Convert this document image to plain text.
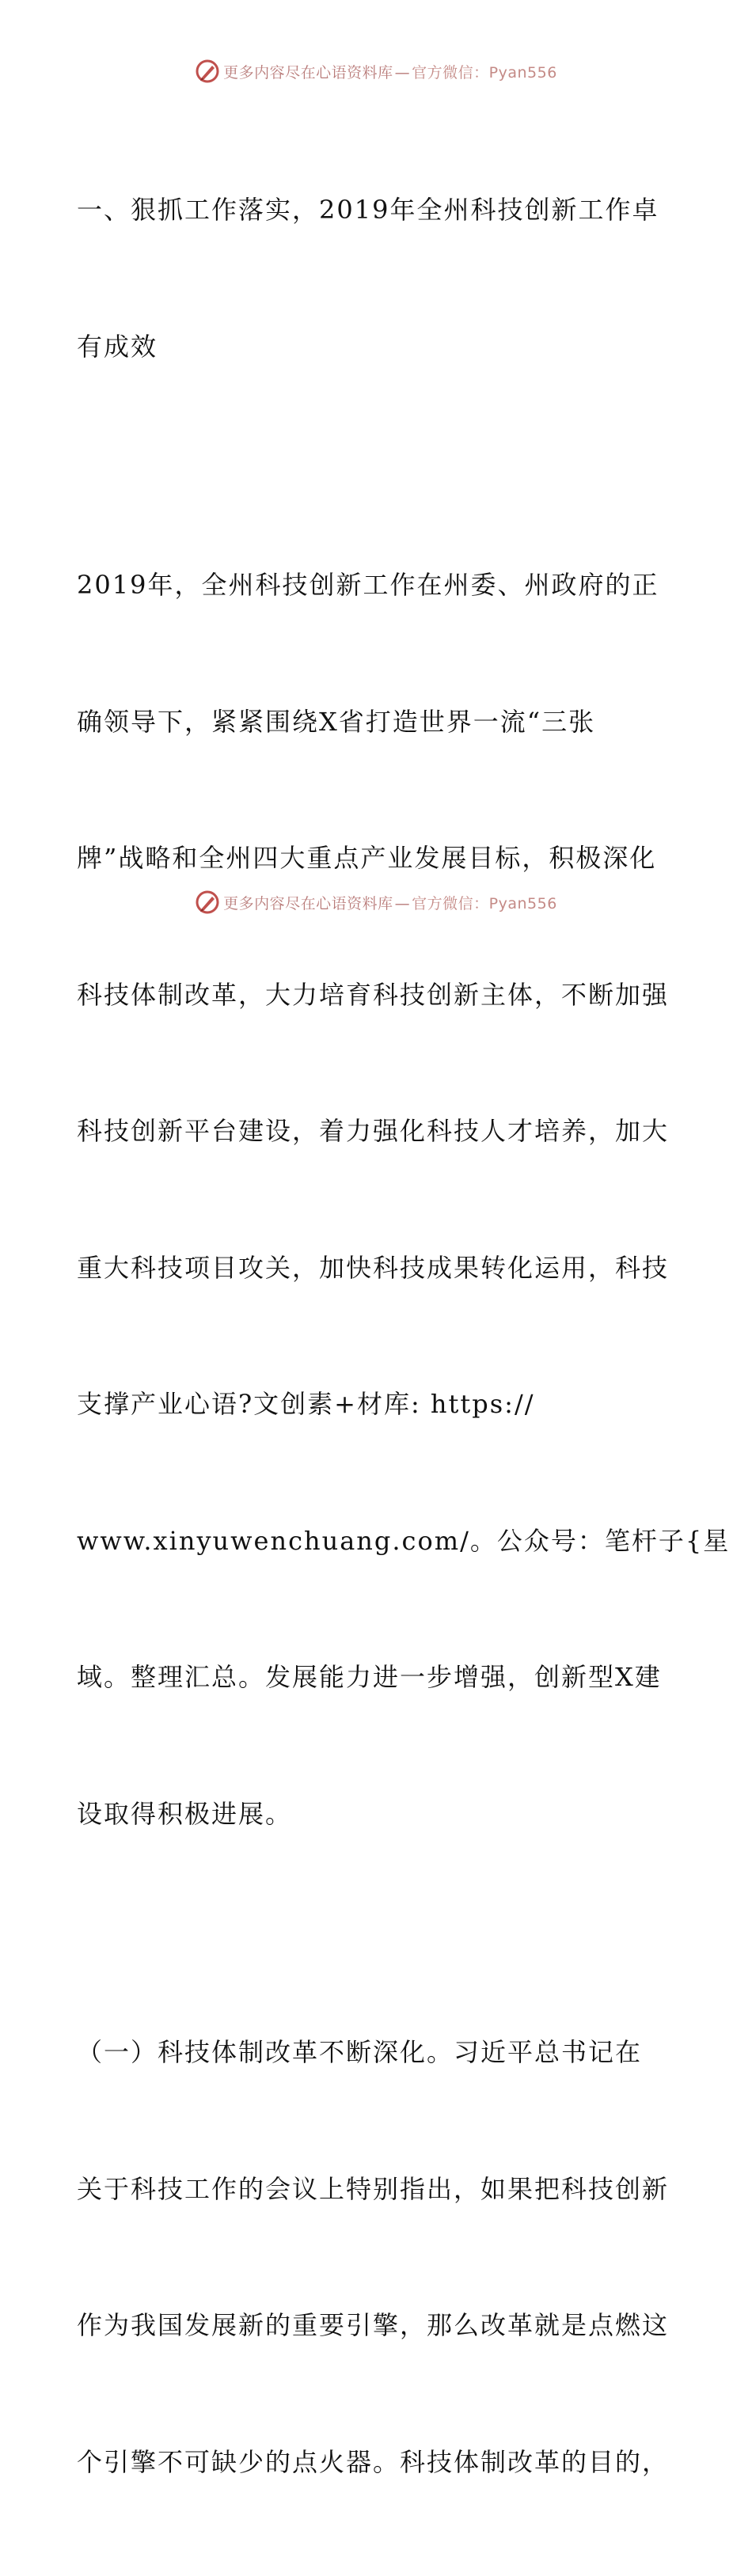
更多内容尽在心语资料库 — 官方微信：Pyan556

一、狠抓工作落实，2019年全州科技创新工作卓

有成效

2019年，全州科技创新工作在州委、州政府的正

确领导下，紧紧围绕X省打造世界一流“三张

牌”战略和全州四大重点产业发展目标，积极深化

科技体制改革，大力培育科技创新主体，不断加强

科技创新平台建设，着力强化科技人才培养，加大

重大科技项目攻关，加快科技成果转化运用，科技

支撑产业心语?文创素+材库: https://

www.xinyuwenchuang.com/。公众号：笔杆子{星

域。整理汇总。发展能力进一步增强，创新型X建

设取得积极进展。

（一）科技体制改革不断深化。习近平总书记在

关于科技工作的会议上特别指出，如果把科技创新

作为我国发展新的重要引擎，那么改革就是点燃这

个引擎不可缺少的点火器。科技体制改革的目的，

更多内容尽在心语资料库 — 官方微信：Pyan556
